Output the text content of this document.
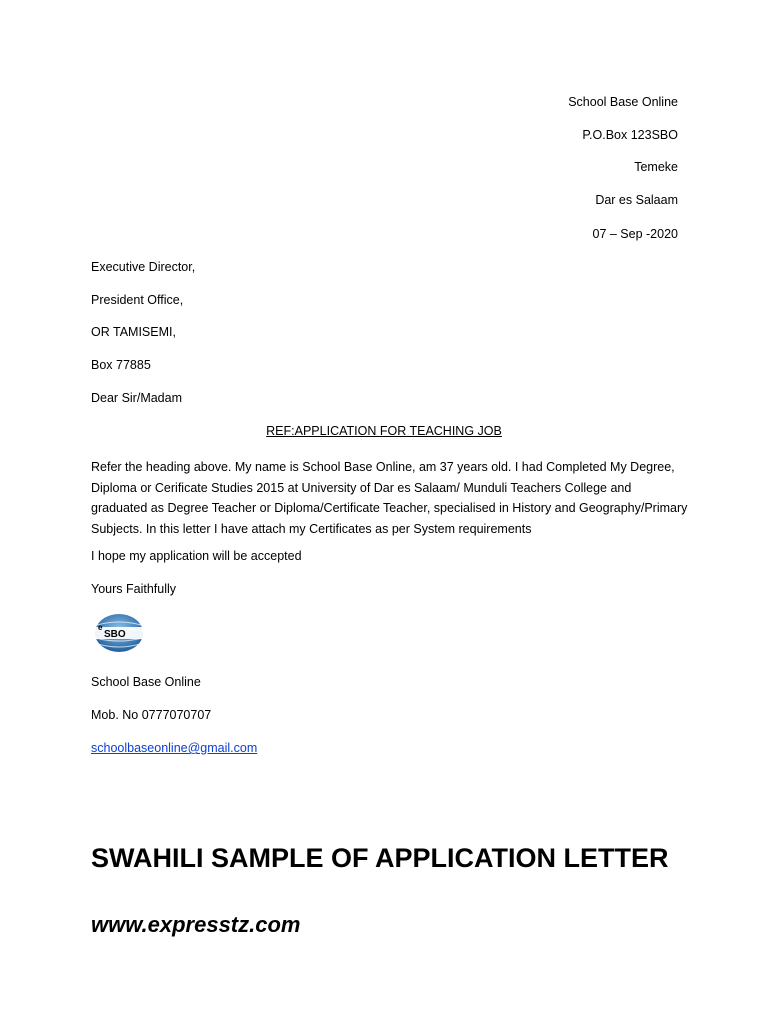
School Base Online
P.O.Box 123SBO
Temeke
Dar es Salaam
07 – Sep -2020
Executive Director,
President Office,
OR TAMISEMI,
Box 77885
Dear Sir/Madam
REF:APPLICATION FOR TEACHING JOB
Refer the heading above. My name is School Base Online, am 37 years old. I had Completed My Degree, Diploma or Cerificate Studies 2015 at University of Dar es Salaam/ Munduli Teachers College and graduated as Degree Teacher or Diploma/Certificate Teacher, specialised in History and Geography/Primary Subjects. In this letter I have attach my Certificates as per System requirements
I hope my application will be accepted
Yours Faithfully
e
SBO
School Base Online
Mob. No 0777070707
schoolbaseonline@gmail.com
SWAHILI SAMPLE OF APPLICATION LETTER
www.expresstz.com
